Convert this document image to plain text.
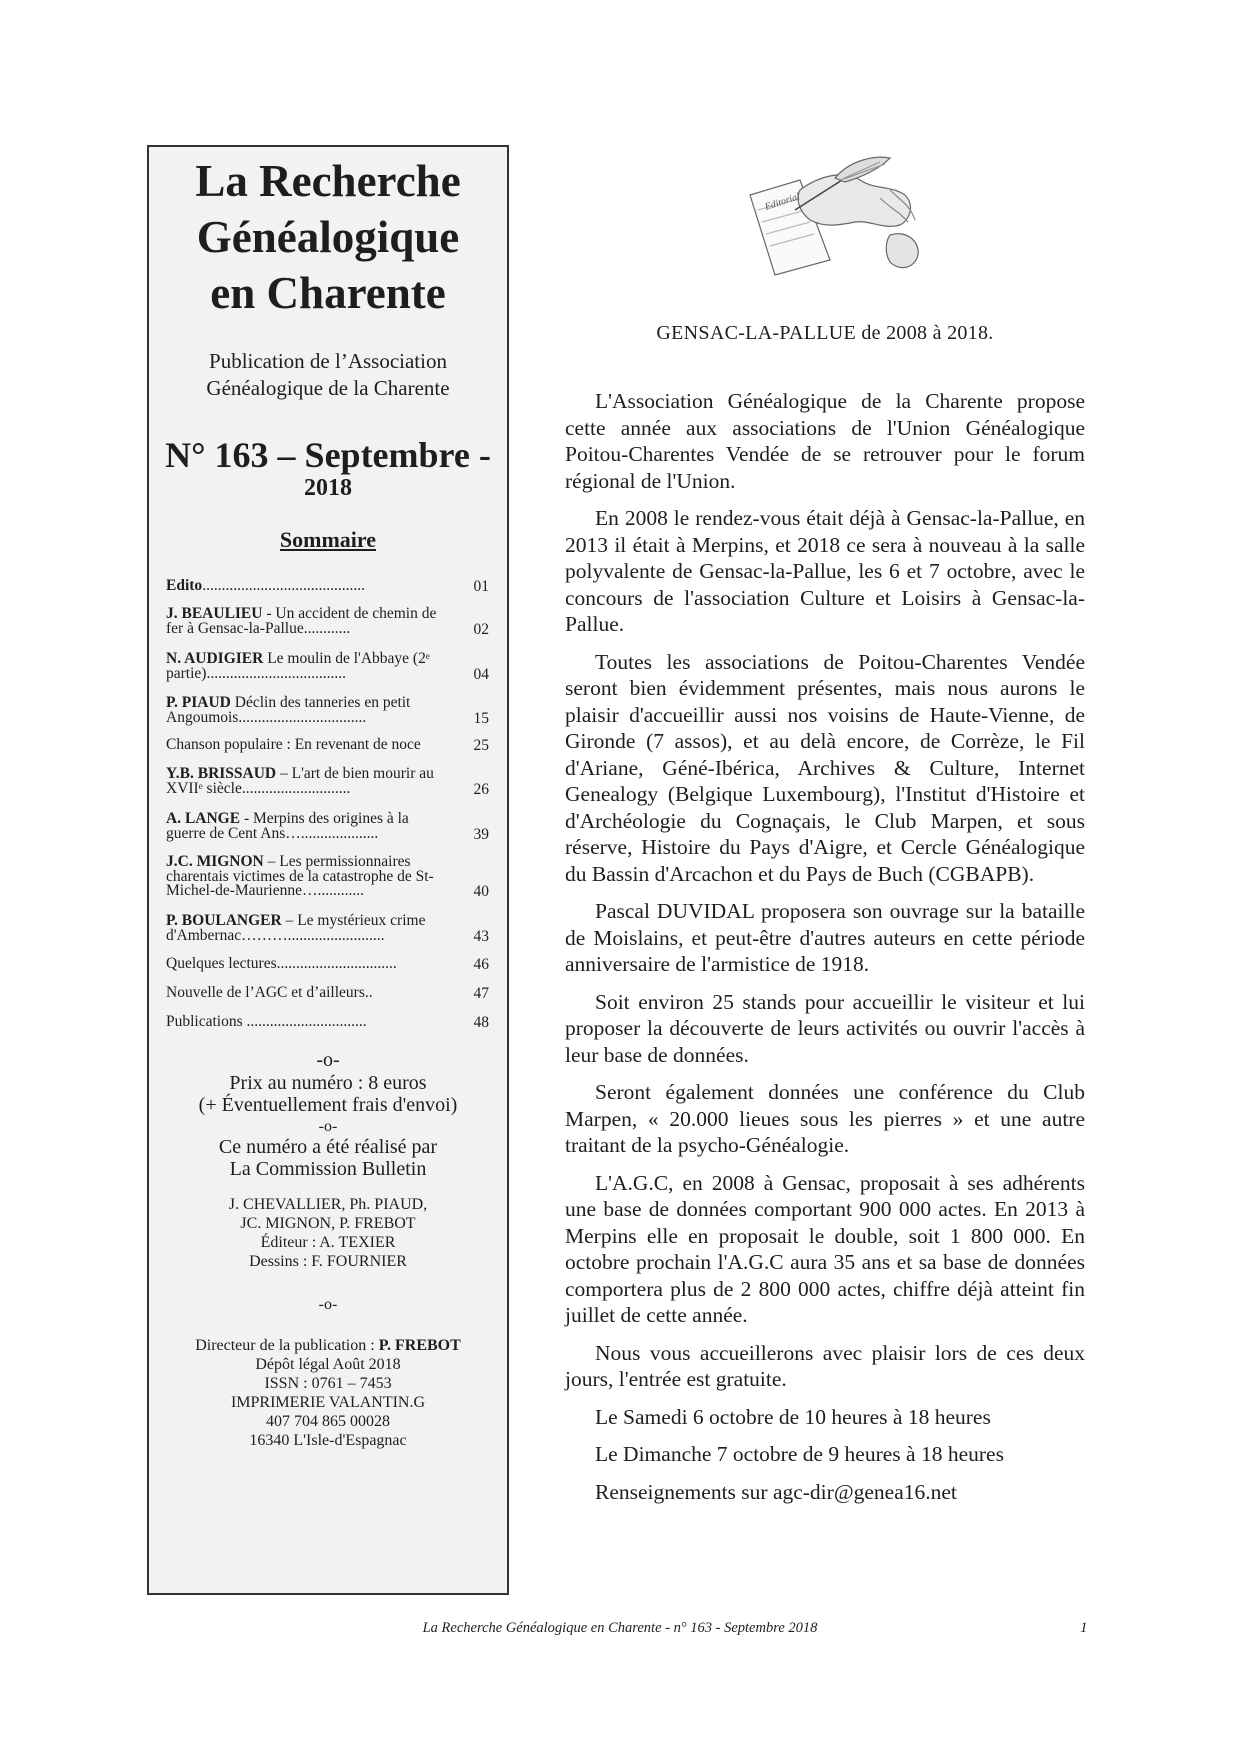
La Recherche
Généalogique
en Charente
Publication de l’Association
Généalogique de la Charente
N° 163 – Septembre -
2018
Sommaire
Edito..........................................	01
J. BEAULIEU - Un accident de chemin de fer à Gensac-la-Pallue............	02
N. AUDIGIER Le moulin de l'Abbaye (2ᵉ partie)....................................	04
P. PIAUD Déclin des tanneries en petit Angoumois.................................	15
Chanson populaire : En revenant de noce	25
Y.B. BRISSAUD – L'art de bien mourir au XVIIᵉ siècle............................	26
A. LANGE - Merpins des origines à la guerre de Cent Ans…....................	39
J.C. MIGNON – Les permissionnaires charentais victimes de la catastrophe de St-Michel-de-Maurienne…............	40
P. BOULANGER – Le mystérieux crime d'Ambernac……….........................	43
Quelques lectures...............................	46
Nouvelle de l’AGC et d’ailleurs..	47
Publications ...............................	48
-o-
Prix au numéro : 8 euros
(+ Éventuellement frais d'envoi)
-o-
Ce numéro a été réalisé par
La Commission Bulletin
J. CHEVALLIER, Ph. PIAUD,
JC. MIGNON, P. FREBOT
Éditeur : A. TEXIER
Dessins : F. FOURNIER
-o-
Directeur de la publication : P. FREBOT
Dépôt légal Août 2018
ISSN : 0761 – 7453
IMPRIMERIE VALANTIN.G
407 704 865 00028
16340 L'Isle-d'Espagnac
Editorial
GENSAC-LA-PALLUE de 2008 à 2018.

L'Association Généalogique de la Charente propose cette année aux associations de l'Union Généalogique Poitou-Charentes Vendée de se retrouver pour le forum régional de l'Union.

En 2008 le rendez-vous était déjà à Gensac-la-Pallue, en 2013 il était à Merpins, et 2018 ce sera à nouveau à la salle polyvalente de Gensac-la-Pallue, les 6 et 7 octobre, avec le concours de l'association Culture et Loisirs à Gensac-la-Pallue.

Toutes les associations de Poitou-Charentes Vendée seront bien évidemment présentes, mais nous aurons le plaisir d'accueillir aussi nos voisins de Haute-Vienne, de Gironde (7 assos), et au delà encore, de Corrèze, le Fil d'Ariane, Géné-Ibérica, Archives & Culture, Internet Genealogy (Belgique Luxembourg), l'Institut d'Histoire et d'Archéologie du Cognaçais, le Club Marpen, et sous réserve, Histoire du Pays d'Aigre, et Cercle Généalogique du Bassin d'Arcachon et du Pays de Buch (CGBAPB).

Pascal DUVIDAL proposera son ouvrage sur la bataille de Moislains, et peut-être d'autres auteurs en cette période anniversaire de l'armistice de 1918.

Soit environ 25 stands pour accueillir le visiteur et lui proposer la découverte de leurs activités ou ouvrir l'accès à leur base de données.

Seront également données une conférence du Club Marpen, « 20.000 lieues sous les pierres » et une autre traitant de la psycho-Généalogie.

L'A.G.C, en 2008 à Gensac, proposait à ses adhérents une base de données comportant 900 000 actes. En 2013 à Merpins elle en proposait le double, soit 1 800 000. En octobre prochain l'A.G.C aura 35 ans et sa base de données comportera plus de 2 800 000 actes, chiffre déjà atteint fin juillet de cette année.

Nous vous accueillerons avec plaisir lors de ces deux jours, l'entrée est gratuite.

Le Samedi 6 octobre de 10 heures à 18 heures

Le Dimanche 7 octobre de 9 heures à 18 heures

Renseignements sur agc-dir@genea16.net

La Recherche Généalogique en Charente - n° 163 - Septembre 2018	1
